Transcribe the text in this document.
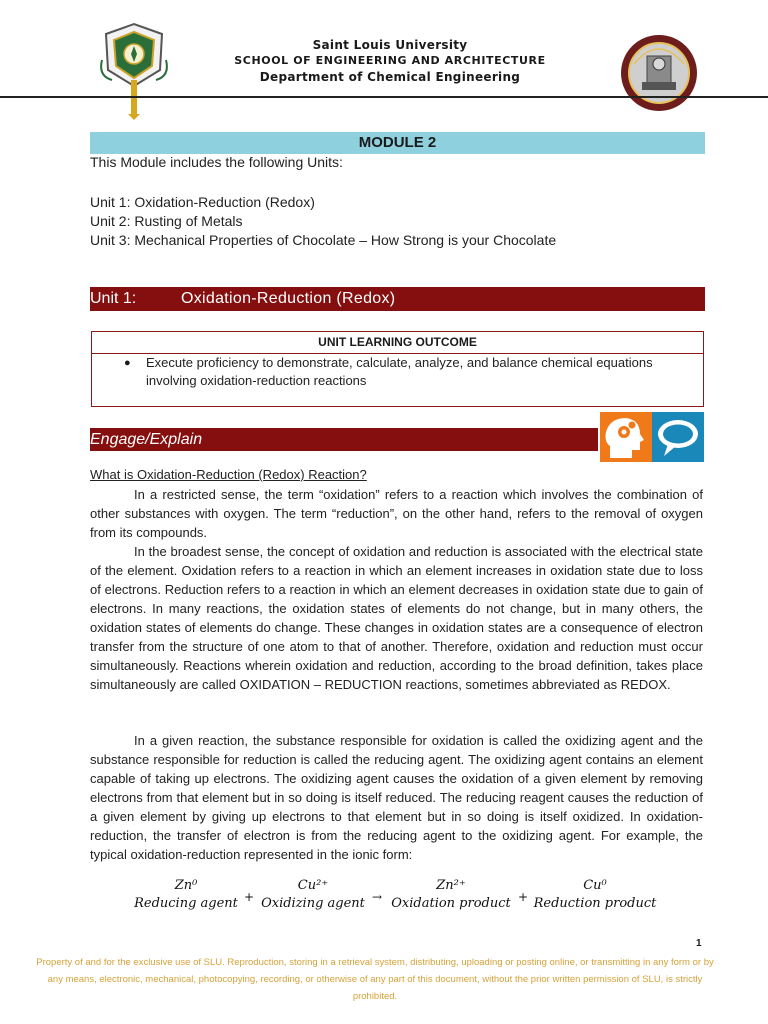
Saint Louis University
SCHOOL OF ENGINEERING AND ARCHITECTURE
Department of Chemical Engineering
MODULE 2
This Module includes the following Units:
Unit 1: Oxidation-Reduction (Redox)
Unit 2: Rusting of Metals
Unit 3: Mechanical Properties of Chocolate – How Strong is your Chocolate
Unit 1:	Oxidation-Reduction (Redox)
UNIT LEARNING OUTCOME
● Execute proficiency to demonstrate, calculate, analyze, and balance chemical equations involving oxidation-reduction reactions
Engage/Explain
What is Oxidation-Reduction (Redox) Reaction?
In a restricted sense, the term “oxidation” refers to a reaction which involves the combination of other substances with oxygen. The term “reduction”, on the other hand, refers to the removal of oxygen from its compounds.
In the broadest sense, the concept of oxidation and reduction is associated with the electrical state of the element. Oxidation refers to a reaction in which an element increases in oxidation state due to loss of electrons. Reduction refers to a reaction in which an element decreases in oxidation state due to gain of electrons. In many reactions, the oxidation states of elements do not change, but in many others, the oxidation states of elements do change. These changes in oxidation states are a consequence of electron transfer from the structure of one atom to that of another. Therefore, oxidation and reduction must occur simultaneously. Reactions wherein oxidation and reduction, according to the broad definition, takes place simultaneously are called OXIDATION – REDUCTION reactions, sometimes abbreviated as REDOX.
In a given reaction, the substance responsible for oxidation is called the oxidizing agent and the substance responsible for reduction is called the reducing agent. The oxidizing agent contains an element capable of taking up electrons. The oxidizing agent causes the oxidation of a given element by removing electrons from that element but in so doing is itself reduced. The reducing reagent causes the reduction of a given element by giving up electrons to that element but in so doing is itself oxidized. In oxidation-reduction, the transfer of electron is from the reducing agent to the oxidizing agent. For example, the typical oxidation-reduction represented in the ionic form:
Zn⁰
Reducing agent +
Cu²⁺
Oxidizing agent →
Zn²⁺
Oxidation product +
Cu⁰
Reduction product
1
Property of and for the exclusive use of SLU. Reproduction, storing in a retrieval system, distributing, uploading or posting online, or transmitting in any form or by any means, electronic, mechanical, photocopying, recording, or otherwise of any part of this document, without the prior written permission of SLU, is strictly prohibited.
